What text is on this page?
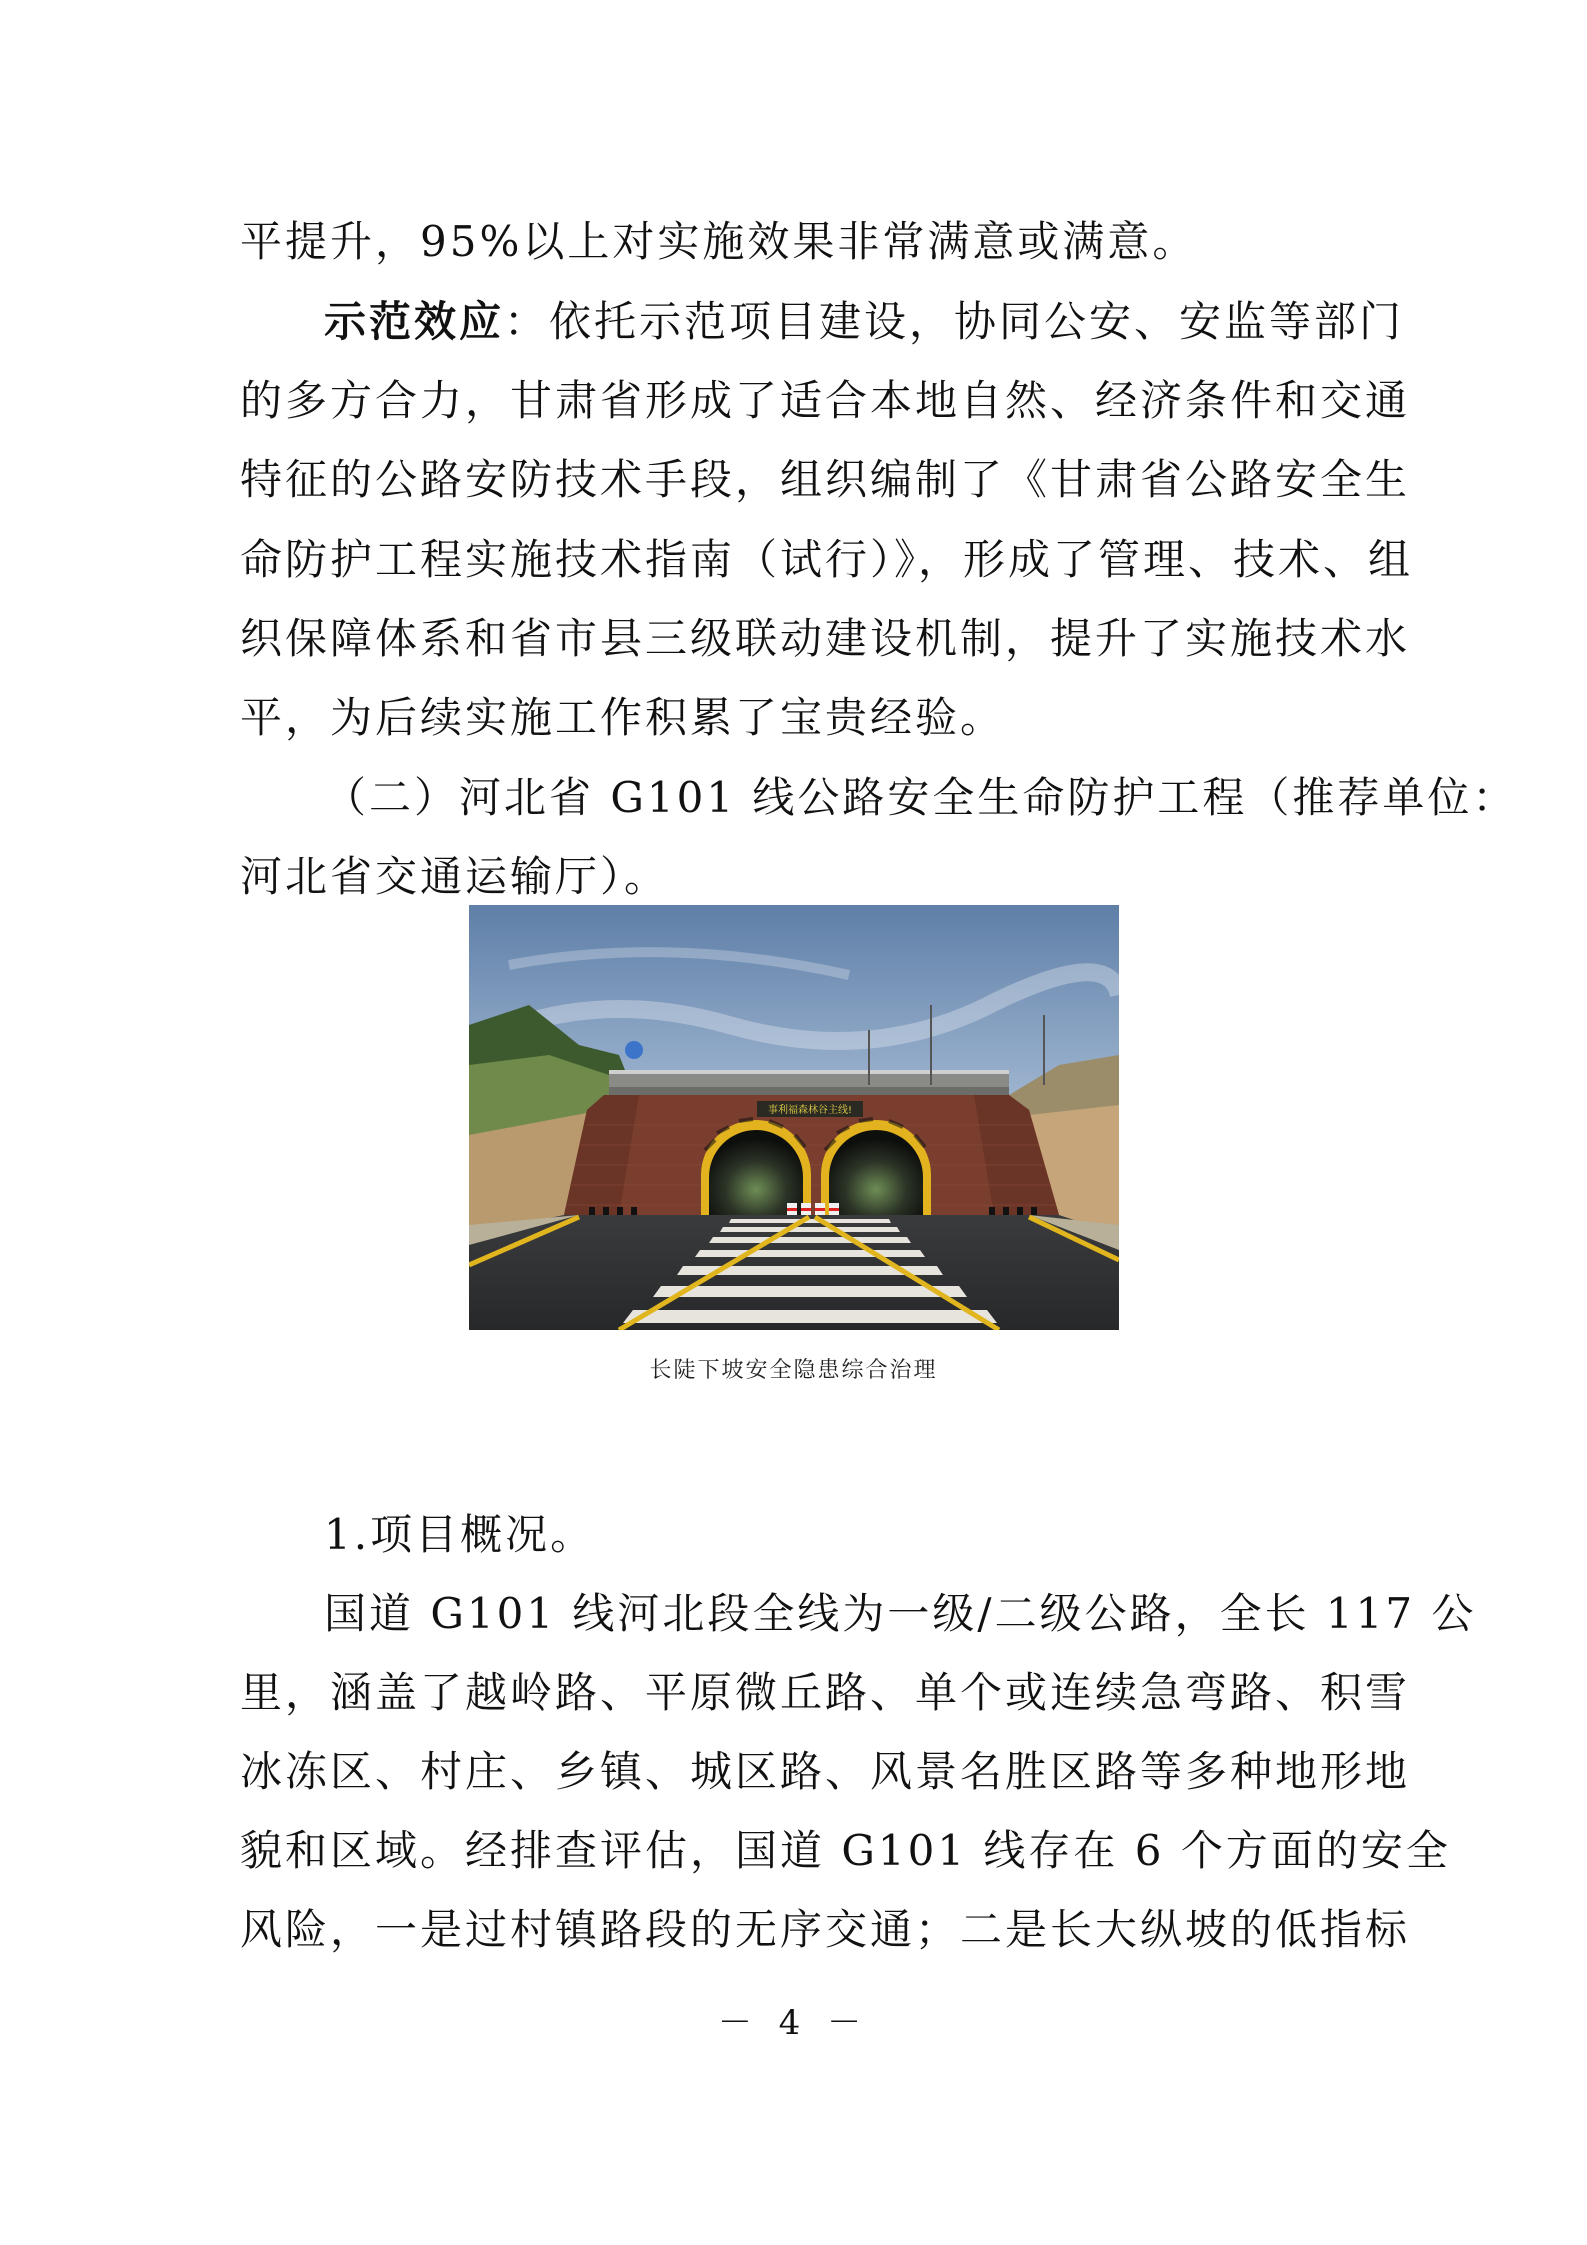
平提升，95%以上对实施效果非常满意或满意。
示范效应：依托示范项目建设，协同公安、安监等部门
的多方合力，甘肃省形成了适合本地自然、经济条件和交通
特征的公路安防技术手段，组织编制了《甘肃省公路安全生
命防护工程实施技术指南（试行）》，形成了管理、技术、组
织保障体系和省市县三级联动建设机制，提升了实施技术水
平，为后续实施工作积累了宝贵经验。
（二）河北省 G101 线公路安全生命防护工程（推荐单位：
河北省交通运输厅）。
事利福森林谷主线!
长陡下坡安全隐患综合治理
1.项目概况。
国道 G101 线河北段全线为一级/二级公路，全长 117 公
里，涵盖了越岭路、平原微丘路、单个或连续急弯路、积雪
冰冻区、村庄、乡镇、城区路、风景名胜区路等多种地形地
貌和区域。经排查评估，国道 G101 线存在 6 个方面的安全
风险，一是过村镇路段的无序交通；二是长大纵坡的低指标
－ 4 －
